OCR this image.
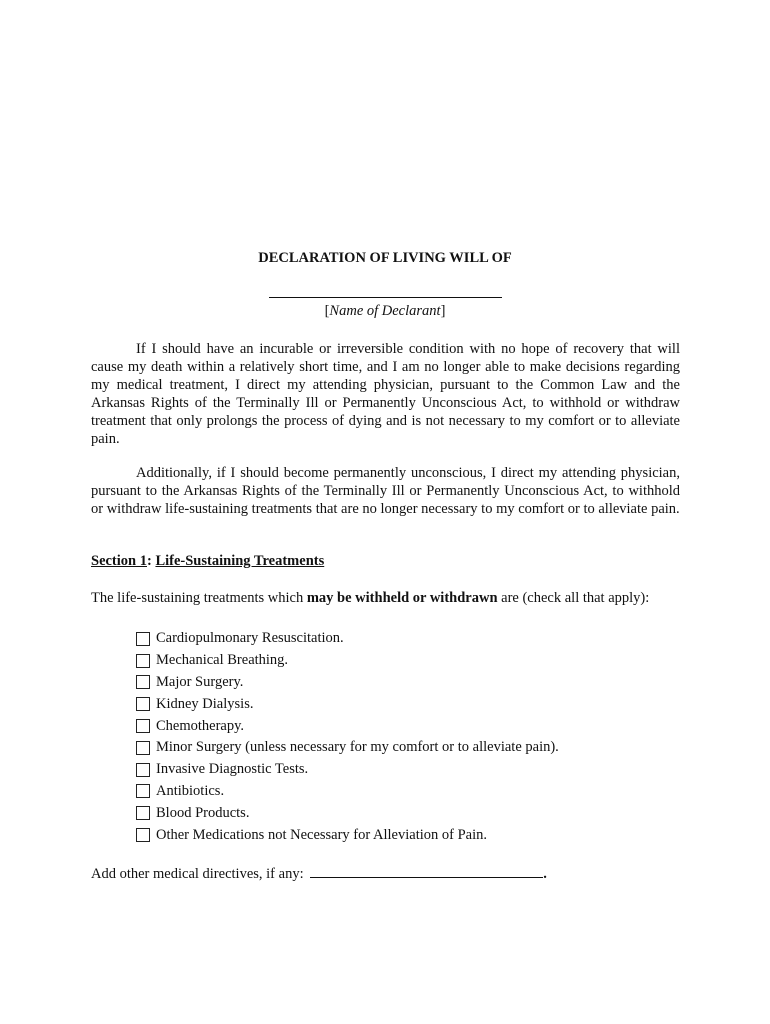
DECLARATION OF LIVING WILL OF
[Name of Declarant]

If I should have an incurable or irreversible condition with no hope of recovery that will cause my death within a relatively short time, and I am no longer able to make decisions regarding my medical treatment, I direct my attending physician, pursuant to the Common Law and the Arkansas Rights of the Terminally Ill or Permanently Unconscious Act, to withhold or withdraw treatment that only prolongs the process of dying and is not necessary to my comfort or to alleviate pain.

Additionally, if I should become permanently unconscious, I direct my attending physician, pursuant to the Arkansas Rights of the Terminally Ill or Permanently Unconscious Act, to withhold or withdraw life-sustaining treatments that are no longer necessary to my comfort or to alleviate pain.

Section 1: Life-Sustaining Treatments
The life-sustaining treatments which may be withheld or withdrawn are (check all that apply):
Cardiopulmonary Resuscitation.
Mechanical Breathing.
Major Surgery.
Kidney Dialysis.
Chemotherapy.
Minor Surgery (unless necessary for my comfort or to alleviate pain).
Invasive Diagnostic Tests.
Antibiotics.
Blood Products.
Other Medications not Necessary for Alleviation of Pain.
Add other medical directives, if any:	.
